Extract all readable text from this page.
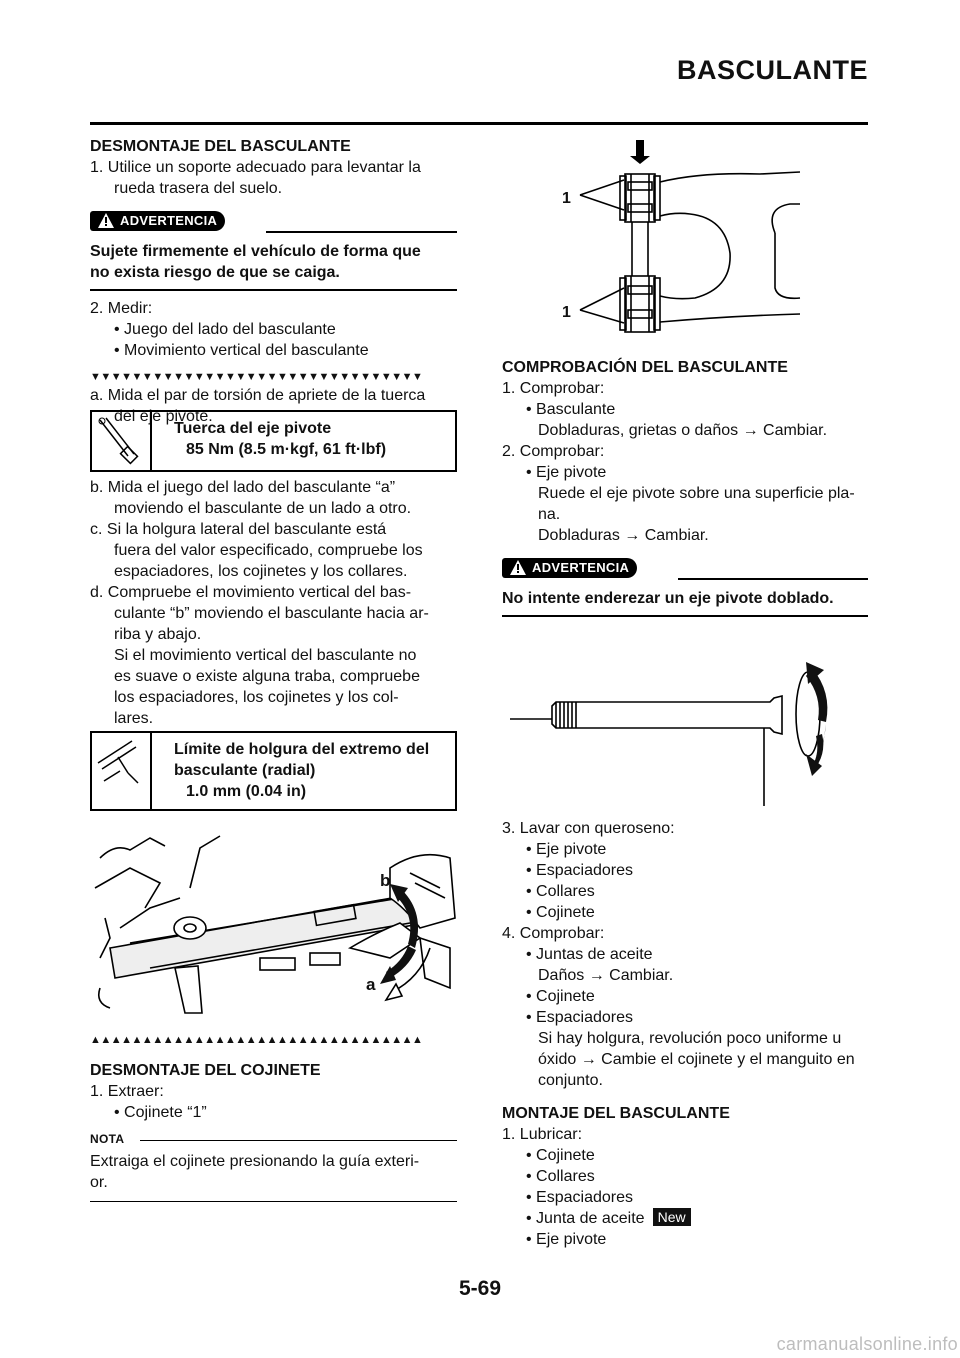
BASCULANTE
DESMONTAJE DEL BASCULANTE
1. Utilice un soporte adecuado para levantar la
rueda trasera del suelo.
ADVERTENCIA
Sujete firmemente el vehículo de forma que
no exista riesgo de que se caiga.
2. Medir:
• Juego del lado del basculante
• Movimiento vertical del basculante
▼▼▼▼▼▼▼▼▼▼▼▼▼▼▼▼▼▼▼▼▼▼▼▼▼▼▼▼▼▼▼▼
a. Mida el par de torsión de apriete de la tuerca
del eje pivote.
Tuerca del eje pivote
85 Nm (8.5 m·kgf, 61 ft·lbf)
b. Mida el juego del lado del basculante “a”
moviendo el basculante de un lado a otro.
c. Si la holgura lateral del basculante está
fuera del valor especificado, compruebe los
espaciadores, los cojinetes y los collares.
d. Compruebe el movimiento vertical del bas-
culante “b” moviendo el basculante hacia ar-
riba y abajo.
Si el movimiento vertical del basculante no
es suave o existe alguna traba, compruebe
los espaciadores, los cojinetes y los col-
lares.
Límite de holgura del extremo del
basculante (radial)
1.0 mm (0.04 in)
b
a
▲▲▲▲▲▲▲▲▲▲▲▲▲▲▲▲▲▲▲▲▲▲▲▲▲▲▲▲▲▲▲▲
DESMONTAJE DEL COJINETE
1. Extraer:
• Cojinete “1”
NOTA
Extraiga el cojinete presionando la guía exteri-
or.
1
1
COMPROBACIÓN DEL BASCULANTE
1. Comprobar:
• Basculante
Dobladuras, grietas o daños → Cambiar.
2. Comprobar:
• Eje pivote
Ruede el eje pivote sobre una superficie pla-
na.
Dobladuras → Cambiar.
ADVERTENCIA
No intente enderezar un eje pivote doblado.
3. Lavar con queroseno:
• Eje pivote
• Espaciadores
• Collares
• Cojinete
4. Comprobar:
• Juntas de aceite
Daños → Cambiar.
• Cojinete
• Espaciadores
Si hay holgura, revolución poco uniforme u
óxido → Cambie el cojinete y el manguito en
conjunto.
MONTAJE DEL BASCULANTE
1. Lubricar:
• Cojinete
• Collares
• Espaciadores
• Junta de aceite New
• Eje pivote
5-69
carmanualsonline.info
